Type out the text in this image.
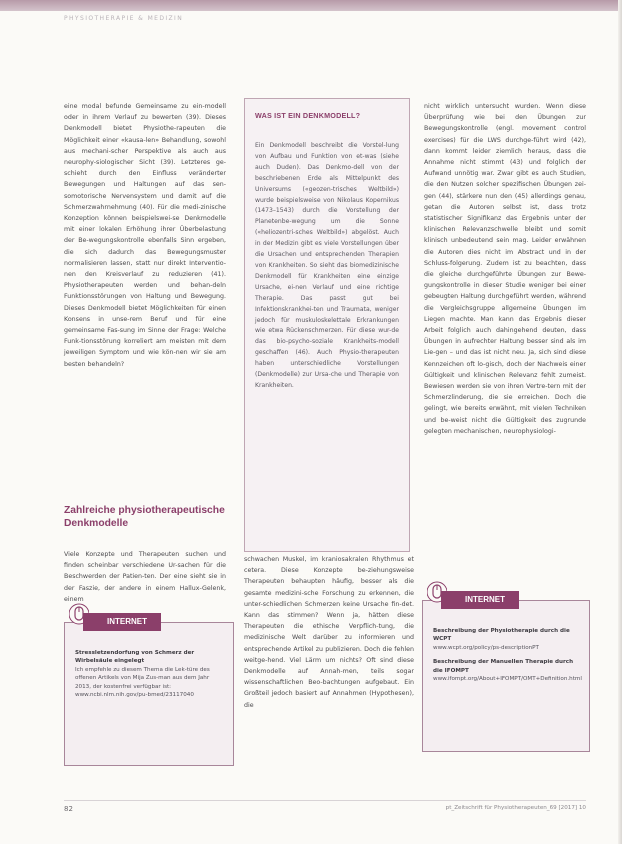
PHYSIOTHERAPIE & MEDIZIN

eine modal befunde Gemeinsame zu ein-modell oder in ihrem Verlauf zu bewerten (39). Dieses Denkmodell bietet Physiothe-rapeuten die Möglichkeit einer «kausa-len» Behandlung, sowohl aus mechani-scher Perspektive als auch aus neurophy-siologischer Sicht (39). Letzteres ge-schieht durch den Einfluss veränderter Bewegungen und Haltungen auf das sen-somotorische Nervensystem und damit auf die Schmerzwahrnehmung (40). Für die medi-zinische Konzeption können beispielswei-se Denkmodelle mit einer lokalen Erhöhung ihrer Überbelastung der Be-wegungskontrolle ebenfalls Sinn ergeben, die sich dadurch das Bewegungsmuster normalisieren lassen, statt nur direkt Interventio-nen den Kreisverlauf zu reduzieren (41). Physiotherapeuten werden und behan-deln Funktionsstörungen von Haltung und Bewegung. Dieses Denkmodell bietet Möglichkeiten für einen Konsens in unse-rem Beruf und für eine gemeinsame Fas-sung im Sinne der Frage: Welche Funk-tionsstörung korreliert am meisten mit dem jeweiligen Symptom und wie kön-nen wir sie am besten behandeln?

Zahlreiche physiotherapeutische Denkmodelle

Viele Konzepte und Therapeuten suchen und finden scheinbar verschiedene Ur-sachen für die Beschwerden der Patien-ten. Der eine sieht sie in der Faszie, der andere in einem Hallux-Gelenk, einem

WAS IST EIN DENKMODELL?
Ein Denkmodell beschreibt die Vorstel-lung von Aufbau und Funktion von et-was (siehe auch Duden). Das Denkmo-dell von der beschriebenen Erde als Mittelpunkt des Universums («geozen-trisches Weltbild») wurde beispielsweise von Nikolaus Kopernikus (1473–1543) durch die Vorstellung der Planetenbe-wegung um die Sonne («heliozentri-sches Weltbild») abgelöst. Auch in der Medizin gibt es viele Vorstellungen über die Ursachen und entsprechenden Therapien von Krankheiten. So sieht das biomedizinische Denkmodell für Krankheiten eine einzige Ursache, ei-nen Verlauf und eine richtige Therapie. Das passt gut bei Infektionskrankhei-ten und Traumata, weniger jedoch für muskuloskelettale Erkrankungen wie etwa Rückenschmerzen. Für diese wur-de das bio-psycho-soziale Krankheits-modell geschaffen (46). Auch Physio-therapeuten haben unterschiedliche Vorstellungen (Denkmodelle) zur Ursa-che und Therapie von Krankheiten.

schwachen Muskel, im kraniosakralen Rhythmus et cetera. Diese Konzepte be-ziehungsweise Therapeuten behaupten häufig, besser als die gesamte medizini-sche Forschung zu erkennen, die unter-schiedlichen Schmerzen keine Ursache fin-det. Kann das stimmen? Wenn ja, hätten diese Therapeuten die ethische Verpflich-tung, die medizinische Welt darüber zu informieren und entsprechende Artikel zu publizieren. Doch die fehlen weitge-hend. Viel Lärm um nichts? Oft sind diese Denkmodelle auf Annah-men, teils sogar wissenschaftlichen Beo-bachtungen aufgebaut. Ein Großteil jedoch basiert auf Annahmen (Hypothesen), die

nicht wirklich untersucht wurden. Wenn diese Überprüfung wie bei den Übungen zur Bewegungskontrolle (engl. movement control exercises) für die LWS durchge-führt wird (42), dann kommt leider ziemlich heraus, dass die Annahme nicht stimmt (43) und folglich der Aufwand unnötig war. Zwar gibt es auch Studien, die den Nutzen solcher spezifischen Übungen zei-gen (44), stärkere nun den (45) allerdings genau, getan die Autoren selbst ist, dass trotz statistischer Signifikanz das Ergebnis unter der klinischen Relevanzschwelle bleibt und somit klinisch unbedeutend sein mag. Leider erwähnen die Autoren dies nicht im Abstract und in der Schluss-folgerung. Zudem ist zu beachten, dass die gleiche durchgeführte Übungen zur Bewe-gungskontrolle in dieser Studie weniger bei einer gebeugten Haltung durchgeführt werden, während die Vergleichsgruppe allgemeine Übungen im Liegen machte. Man kann das Ergebnis dieser Arbeit folglich auch dahingehend deuten, dass Übungen in aufrechter Haltung besser sind als im Lie-gen – und das ist nicht neu. Ja, sich sind diese Kennzeichen oft lo-gisch, doch der Nachweis einer Gültigkeit und klinischen Relevanz fehlt zumeist. Bewiesen werden sie von ihren Vertre-tern mit der Schmerzlinderung, die sie erreichen. Doch die gelingt, wie bereits erwähnt, mit vielen Techniken und be-weist nicht die Gültigkeit des zugrunde gelegten mechanischen, neurophysiologi-

INTERNET
Stressletzendorfung von Schmerz der Wirbelsäule eingelegt
Ich empfehle zu diesem Thema die Lek-türe des offenen Artikels von Mija Zus-man aus dem Jahr 2013, der kostenfrei verfügbar ist: www.ncbi.nlm.nih.gov/pu-bmed/23117040
INTERNET
Beschreibung der Physiotherapie durch die WCPT
www.wcpt.org/policy/ps-descriptionPT
Beschreibung der Manuellen Therapie durch die IFOMPT
www.ifompt.org/About+IFOMPT/OMT+Definition.html
82	pt_Zeitschrift für Physiotherapeuten_69 [2017] 10
